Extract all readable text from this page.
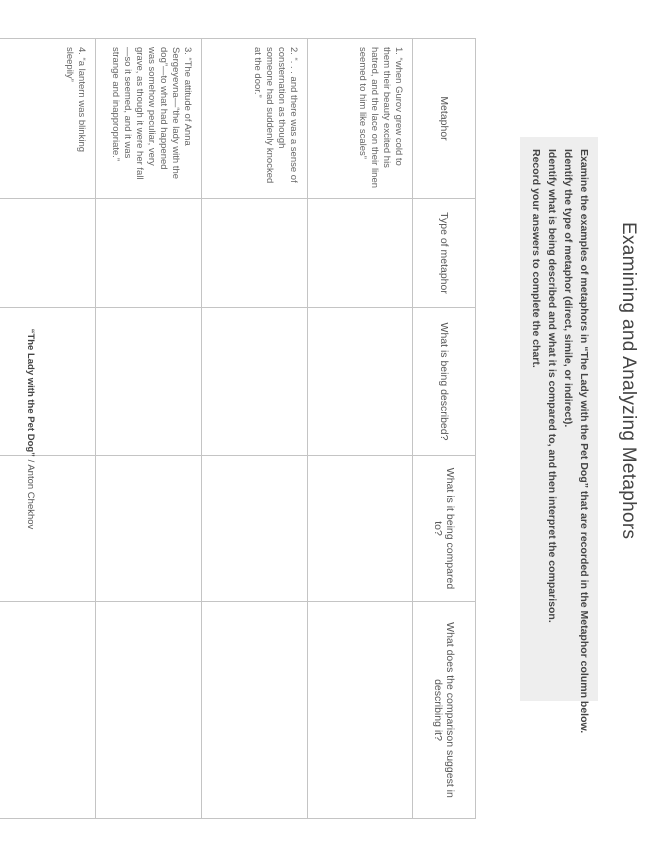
Examining and Analyzing Metaphors
Examine the examples of metaphors in “The Lady with the Pet Dog” that are recorded in the Metaphor column below.
Identify the type of metaphor (direct, simile, or indirect).
Identify what is being described and what it is compared to, and then interpret the comparison.
Record your answers to complete the chart.
Metaphor	Type of metaphor	What is being described?	What is it being compared to?	What does the comparison suggest in describing it?
1. “when Gurov grew cold to them their beauty excited his hatred, and the lace on their linen seemed to him like scales”				
2. “. . . and there was a sense of consternation as though someone had suddenly knocked at the door.”				
3. “The attitude of Anna Sergeyevna—“the lady with the dog”—to what had happened was somehow peculiar, very grave, as though it were her fall—so it seemed, and it was strange and inappropriate.”				
4. “a lantern was blinking sleepily”				
“The Lady with the Pet Dog” / Anton Chekhov
